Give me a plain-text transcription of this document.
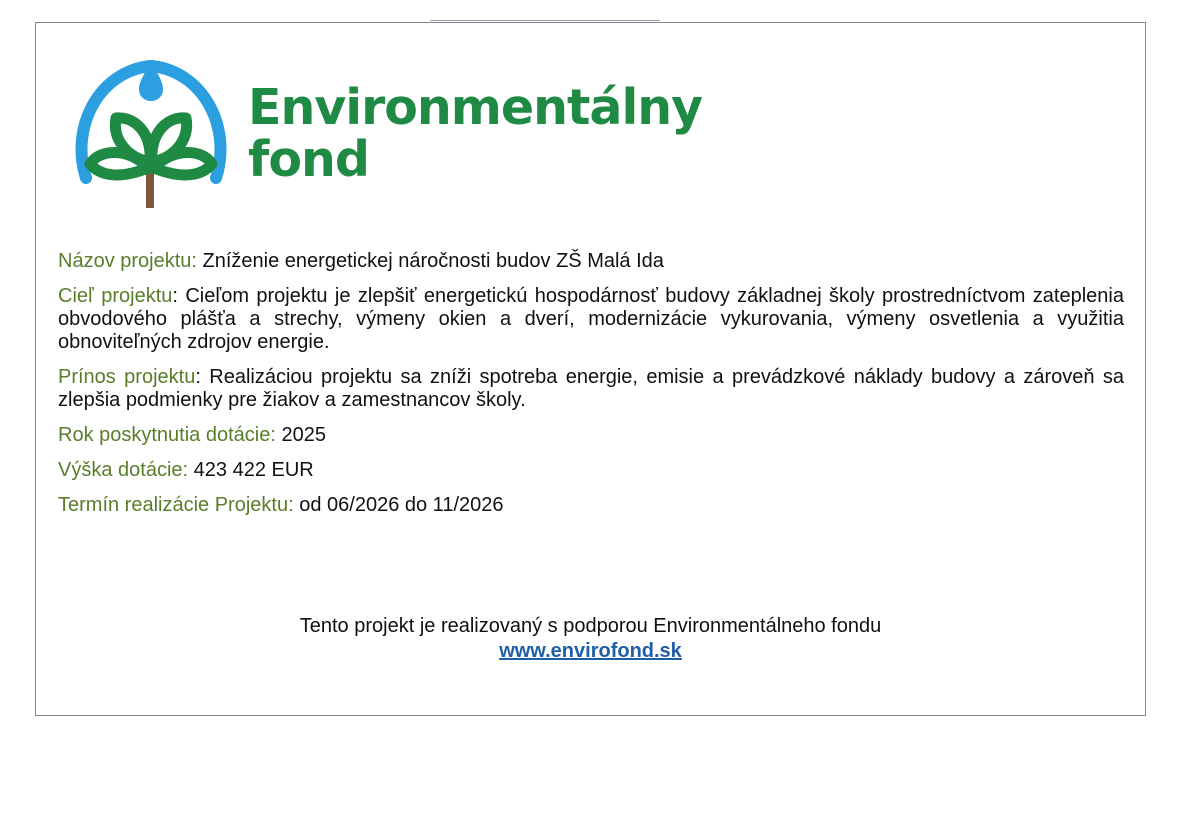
Environmentálny
fond
Názov projektu: Zníženie energetickej náročnosti budov ZŠ Malá Ida
Cieľ projektu: Cieľom projektu je zlepšiť energetickú hospodárnosť budovy základnej školy prostredníctvom zateplenia obvodového plášťa a strechy, výmeny okien a dverí, modernizácie vykurovania, výmeny osvetlenia a využitia obnoviteľných zdrojov energie.
Prínos projektu: Realizáciou projektu sa zníži spotreba energie, emisie a prevádzkové náklady budovy a zároveň sa zlepšia podmienky pre žiakov a zamestnancov školy.
Rok poskytnutia dotácie: 2025
Výška dotácie: 423 422 EUR
Termín realizácie Projektu: od 06/2026 do 11/2026
Tento projekt je realizovaný s podporou Environmentálneho fondu
www.envirofond.sk
